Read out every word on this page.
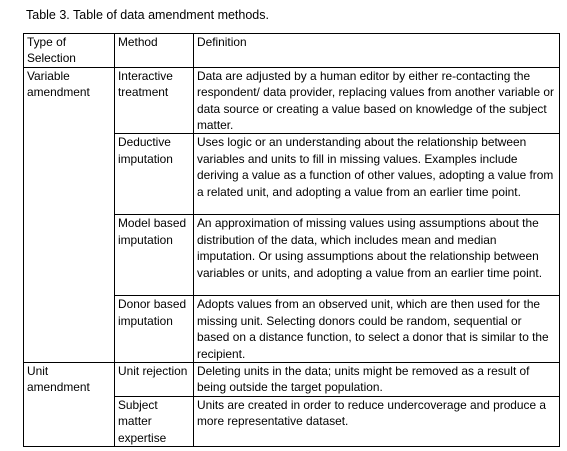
Table 3. Table of data amendment methods.
Type of Selection	Method	Definition
Variable amendment	Interactive treatment	Data are adjusted by a human editor by either re-contacting the respondent/ data provider, replacing values from another variable or data source or creating a value based on knowledge of the subject matter.
	Deductive imputation	Uses logic or an understanding about the relationship between variables and units to fill in missing values. Examples include deriving a value as a function of other values, adopting a value from a related unit, and adopting a value from an earlier time point.
	Model based imputation	An approximation of missing values using assumptions about the distribution of the data, which includes mean and median imputation. Or using assumptions about the relationship between variables or units, and adopting a value from an earlier time point.
	Donor based imputation	Adopts values from an observed unit, which are then used for the missing unit. Selecting donors could be random, sequential or based on a distance function, to select a donor that is similar to the recipient.
Unit amendment	Unit rejection	Deleting units in the data; units might be removed as a result of being outside the target population.
	Subject matter expertise	Units are created in order to reduce undercoverage and produce a more representative dataset.
